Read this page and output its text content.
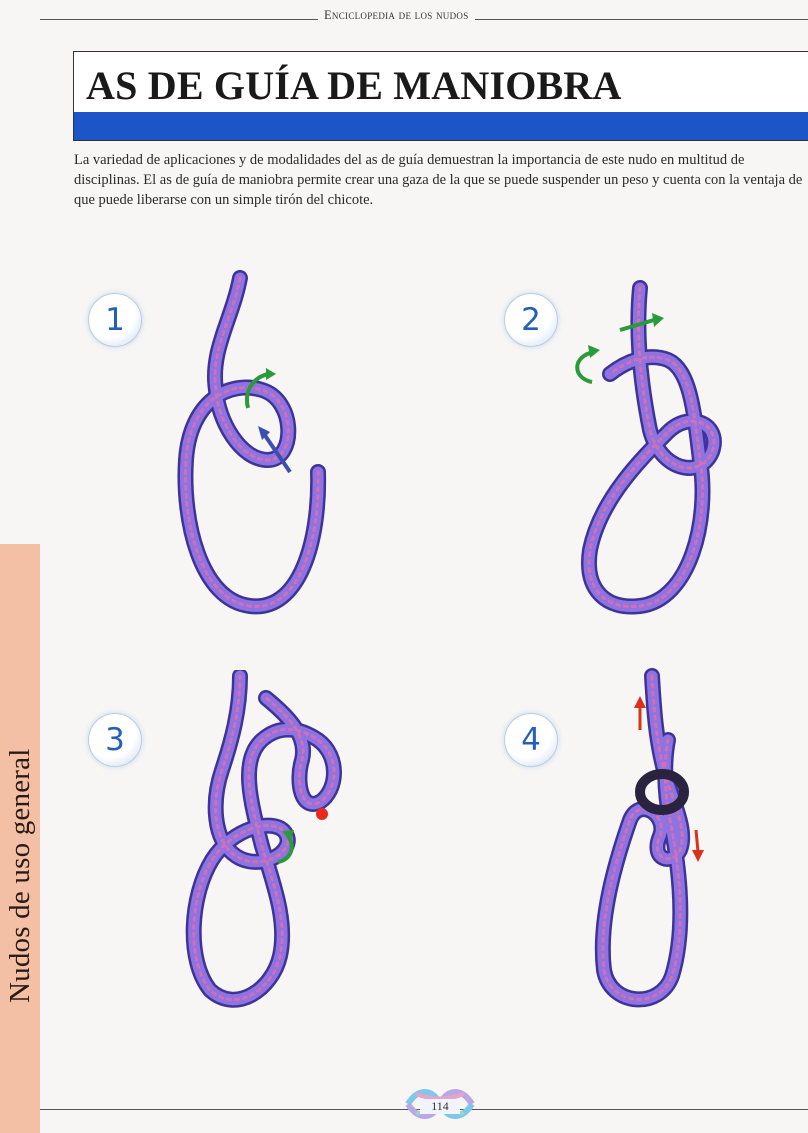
Enciclopedia de los nudos
AS DE GUÍA DE MANIOBRA

La variedad de aplicaciones y de modalidades del as de guía demuestran la importancia de este nudo en multitud de disciplinas. El as de guía de maniobra permite crear una gaza de la que se puede suspender un peso y cuenta con la ventaja de que puede liberarse con un simple tirón del chicote.

Nudos de uso general
1	2
3	4
114
